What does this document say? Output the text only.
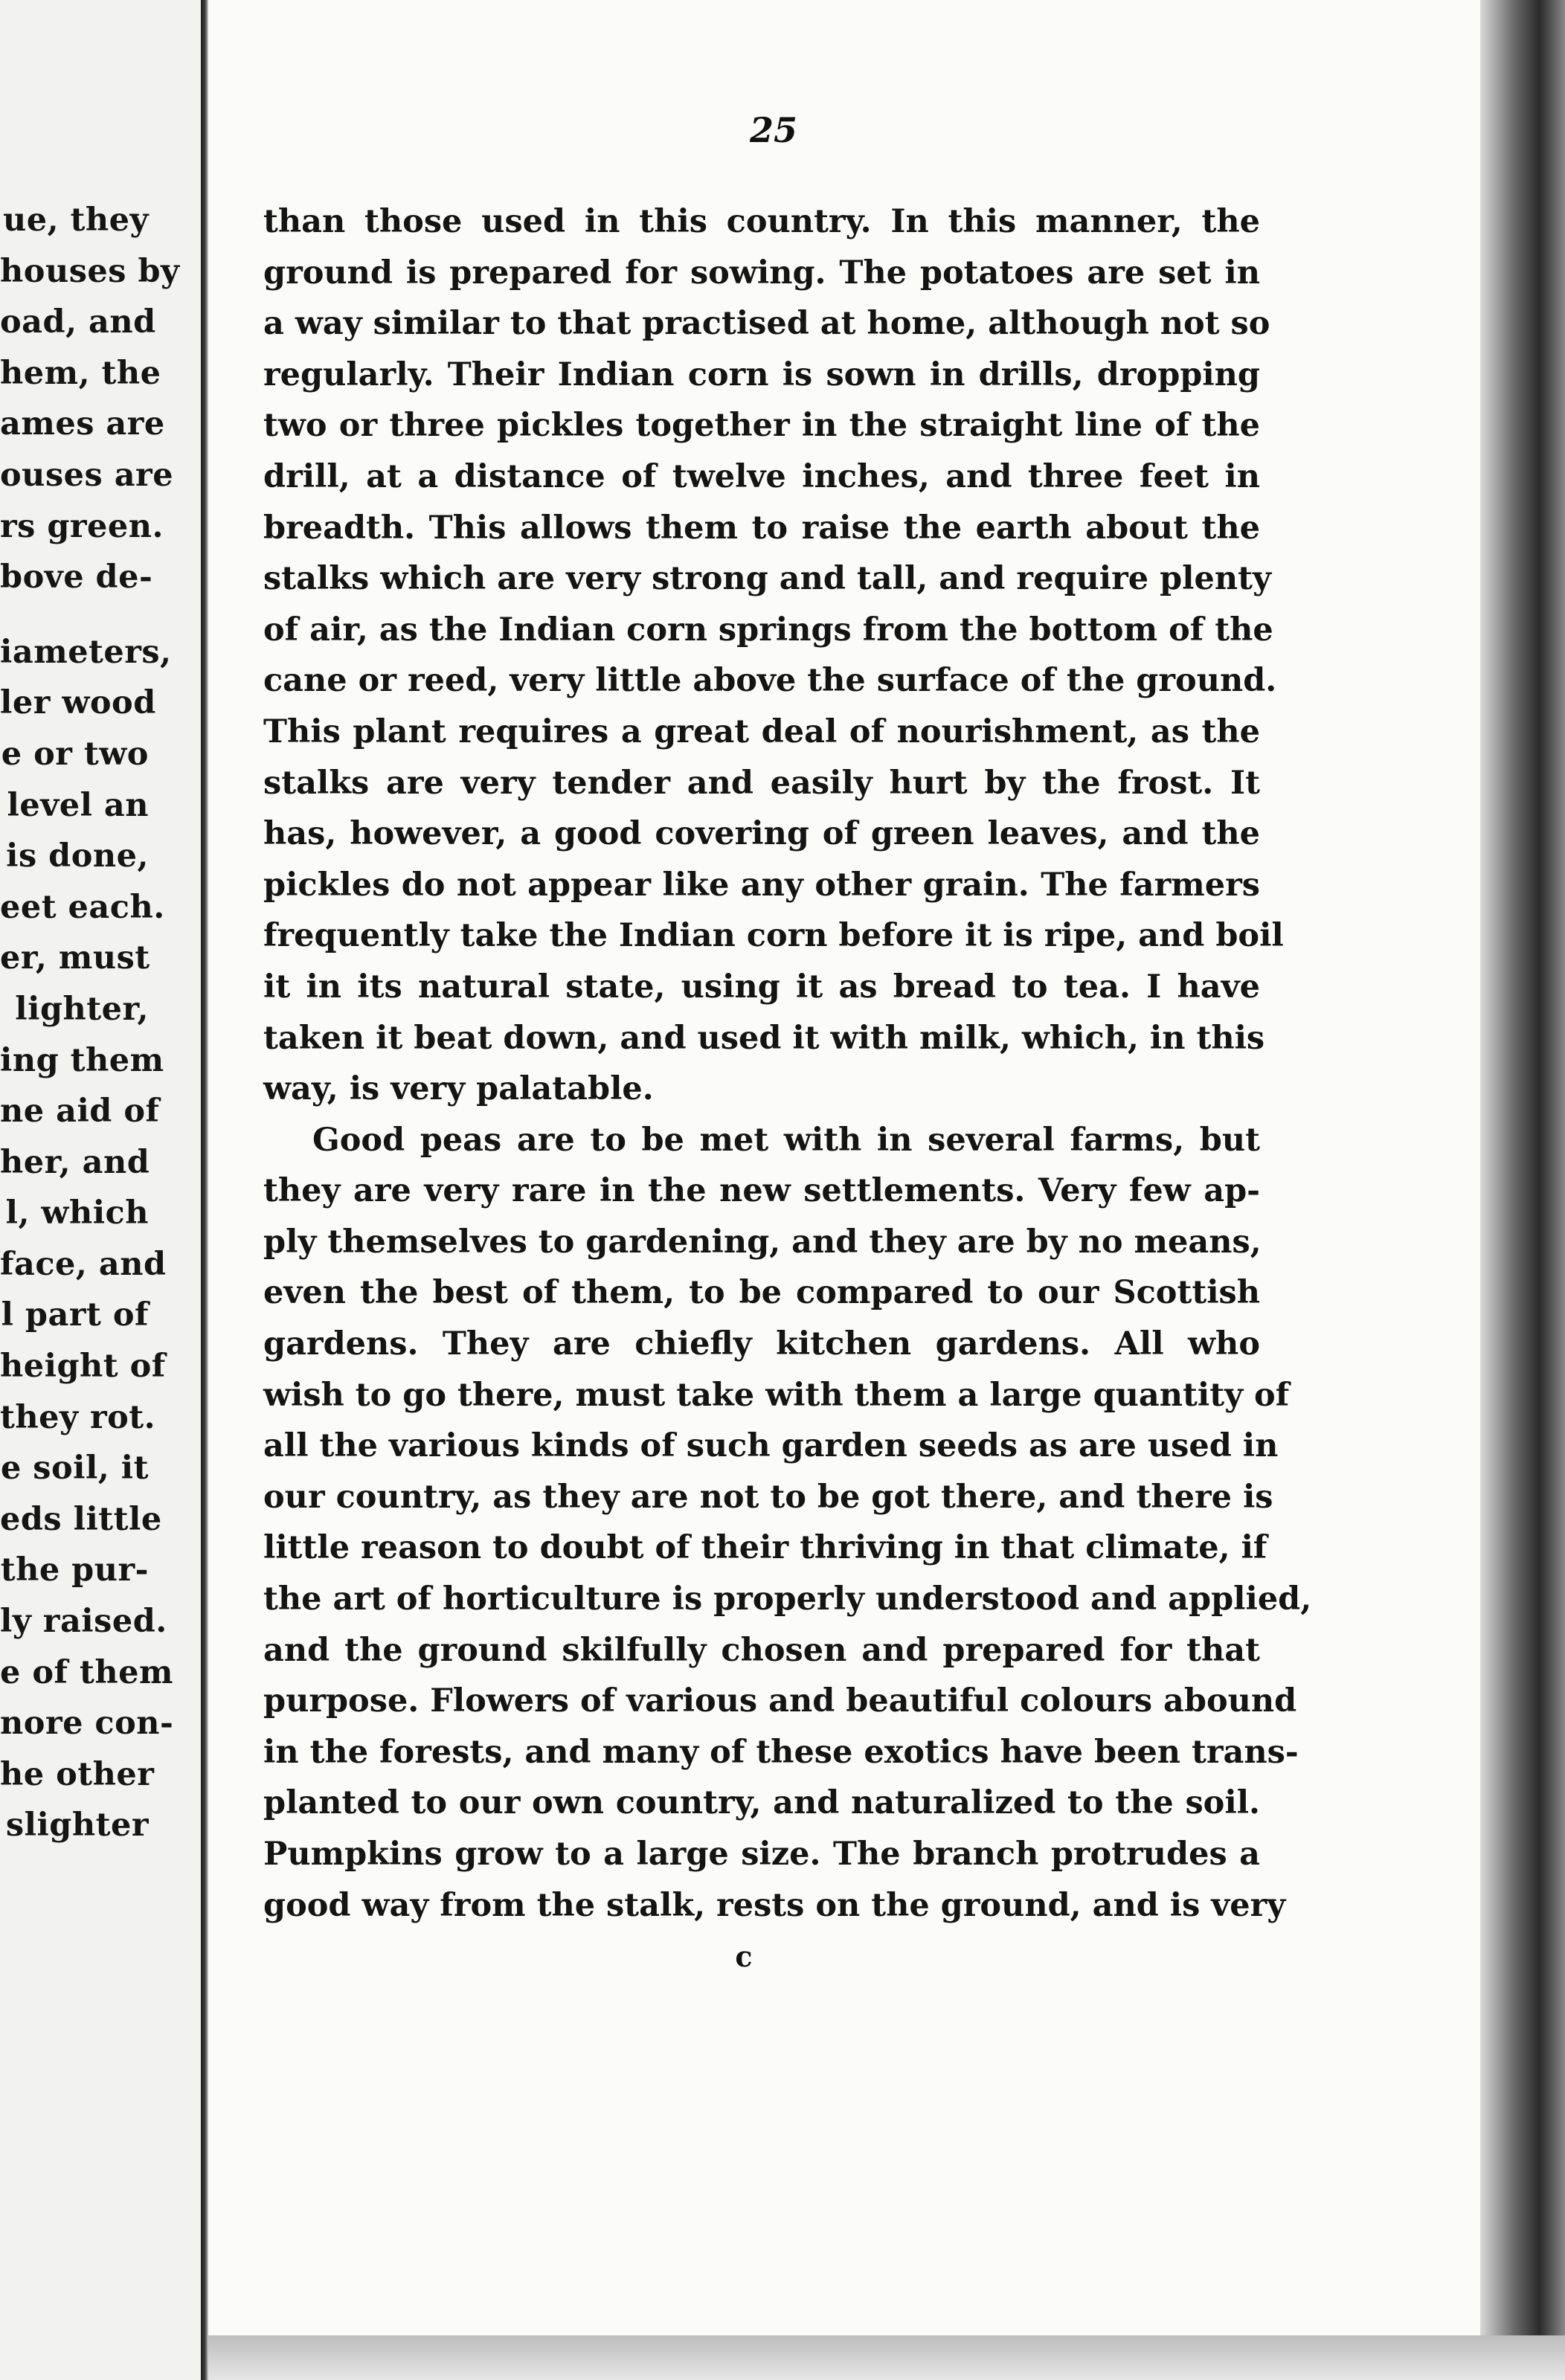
ue, they
houses by
oad, and
hem, the
ames are
ouses are
rs green.
bove de-
iameters,
ler wood
e or two
level an
is done,
eet each.
er, must
lighter,
ing them
ne aid of
her, and
l, which
face, and
l part of
height of
they rot.
e soil, it
eds little
the pur-
ly raised.
e of them
nore con-
he other
slighter
25
than those used in this country. In this manner, the
ground is prepared for sowing. The potatoes are set in
a way similar to that practised at home, although not so
regularly. Their Indian corn is sown in drills, dropping
two or three pickles together in the straight line of the
drill, at a distance of twelve inches, and three feet in
breadth. This allows them to raise the earth about the
stalks which are very strong and tall, and require plenty
of air, as the Indian corn springs from the bottom of the
cane or reed, very little above the surface of the ground.
This plant requires a great deal of nourishment, as the
stalks are very tender and easily hurt by the frost. It
has, however, a good covering of green leaves, and the
pickles do not appear like any other grain. The farmers
frequently take the Indian corn before it is ripe, and boil
it in its natural state, using it as bread to tea. I have
taken it beat down, and used it with milk, which, in this
way, is very palatable.
Good peas are to be met with in several farms, but
they are very rare in the new settlements. Very few ap-
ply themselves to gardening, and they are by no means,
even the best of them, to be compared to our Scottish
gardens. They are chiefly kitchen gardens. All who
wish to go there, must take with them a large quantity of
all the various kinds of such garden seeds as are used in
our country, as they are not to be got there, and there is
little reason to doubt of their thriving in that climate, if
the art of horticulture is properly understood and applied,
and the ground skilfully chosen and prepared for that
purpose. Flowers of various and beautiful colours abound
in the forests, and many of these exotics have been trans-
planted to our own country, and naturalized to the soil.
Pumpkins grow to a large size. The branch protrudes a
good way from the stalk, rests on the ground, and is very
c
